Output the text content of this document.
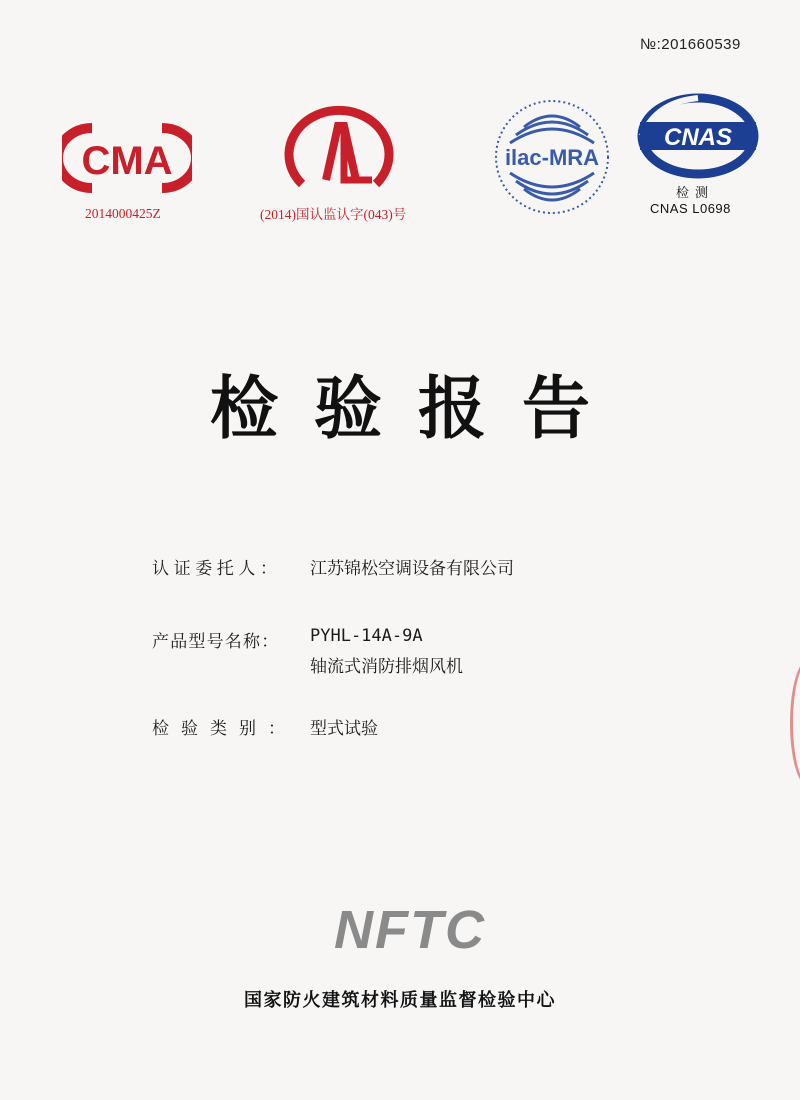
№:201660539
CMA
2014000425Z
CAL
(2014)国认监认字(043)号
ilac-MRA
CNAS
检测
CNAS L0698
检验报告
认证委托人： 江苏锦松空调设备有限公司
产品型号名称： PYHL-14A-9A
轴流式消防排烟风机
检验类别： 型式试验
NFTC
国家防火建筑材料质量监督检验中心
